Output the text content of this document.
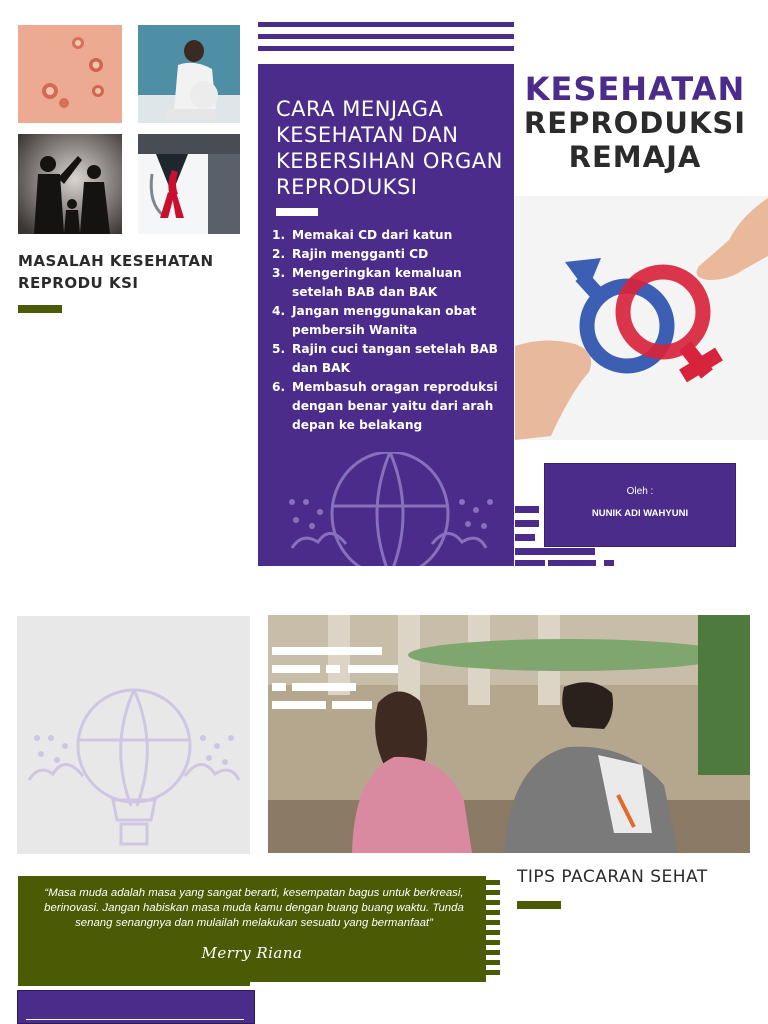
MASALAH KESEHATAN REPRODU KSI
CARA MENJAGA KESEHATAN DAN KEBERSIHAN ORGAN REPRODUKSI
1. Memakai CD dari katun
2. Rajin mengganti CD
3. Mengeringkan kemaluan setelah BAB dan BAK
4. Jangan menggunakan obat pembersih Wanita
5. Rajin cuci tangan setelah BAB dan BAK
6. Membasuh oragan reproduksi dengan benar yaitu dari arah depan ke belakang
KESEHATAN
REPRODUKSI
REMAJA
Oleh :
NUNIK ADI WAHYUNI
TIPS PACARAN SEHAT
“Masa muda adalah masa yang sangat berarti, kesempatan bagus untuk berkreasi, berinovasi. Jangan habiskan masa muda kamu dengan buang buang waktu. Tunda senang senangnya dan mulailah melakukan sesuatu yang bermanfaat”
Merry Riana
